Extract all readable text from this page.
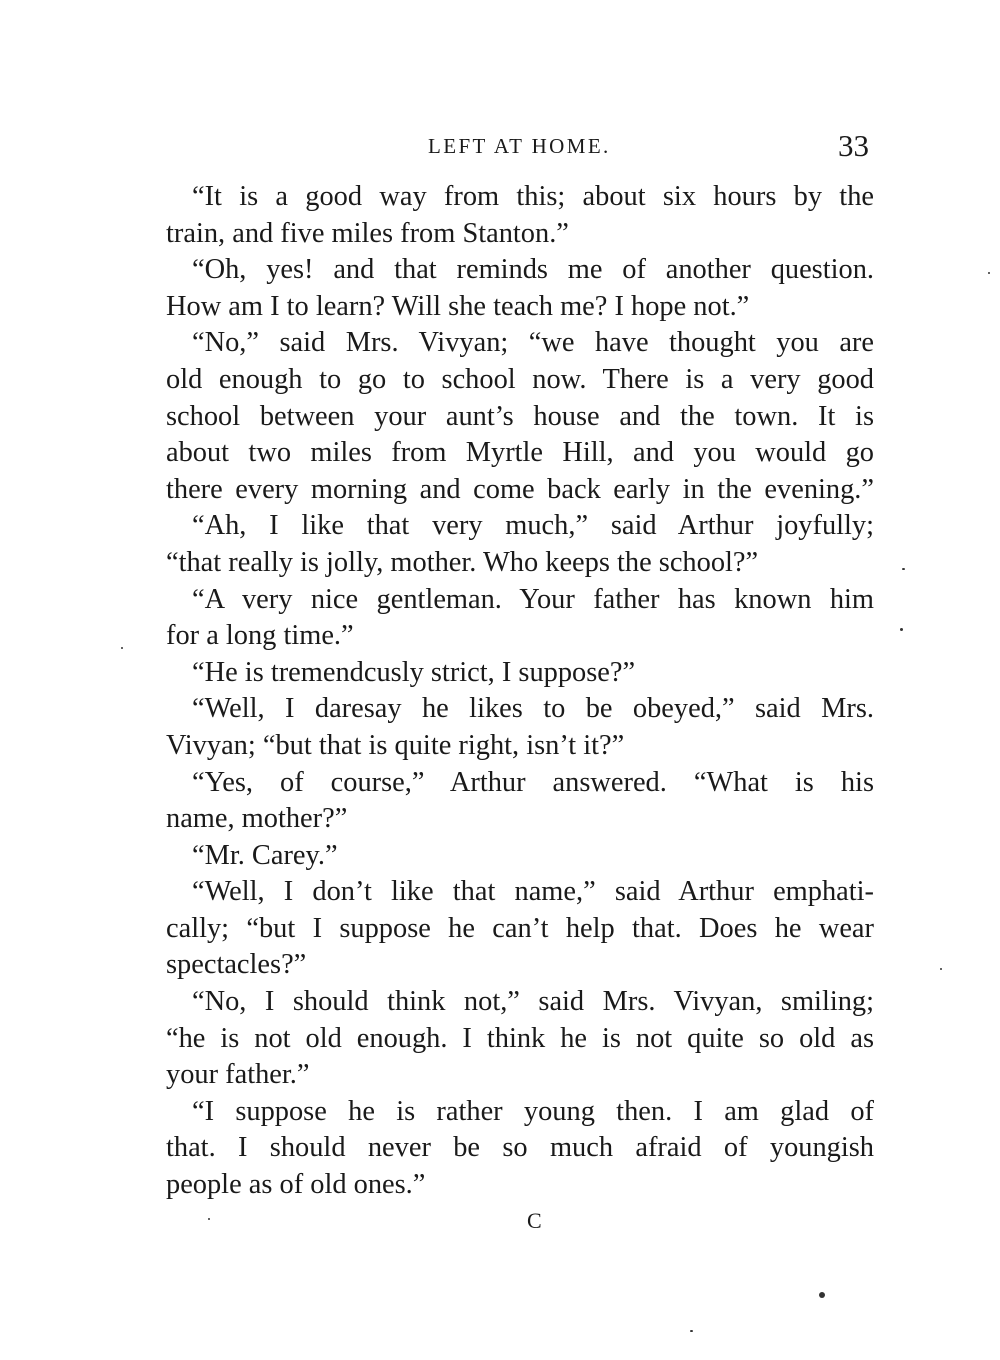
LEFT AT HOME.	33
“It is a good way from this; about six hours by the
train, and five miles from Stanton.”
“Oh, yes! and that reminds me of another question.
How am I to learn? Will she teach me? I hope not.”
“No,” said Mrs. Vivyan; “we have thought you are
old enough to go to school now. There is a very good
school between your aunt’s house and the town. It is
about two miles from Myrtle Hill, and you would go
there every morning and come back early in the evening.”
“Ah, I like that very much,” said Arthur joyfully;
“that really is jolly, mother. Who keeps the school?”
“A very nice gentleman. Your father has known him
for a long time.”
“He is tremendcusly strict, I suppose?”
“Well, I daresay he likes to be obeyed,” said Mrs.
Vivyan; “but that is quite right, isn’t it?”
“Yes, of course,” Arthur answered. “What is his
name, mother?”
“Mr. Carey.”
“Well, I don’t like that name,” said Arthur emphati-
cally; “but I suppose he can’t help that. Does he wear
spectacles?”
“No, I should think not,” said Mrs. Vivyan, smiling;
“he is not old enough. I think he is not quite so old as
your father.”
“I suppose he is rather young then. I am glad of
that. I should never be so much afraid of youngish
people as of old ones.”
C
